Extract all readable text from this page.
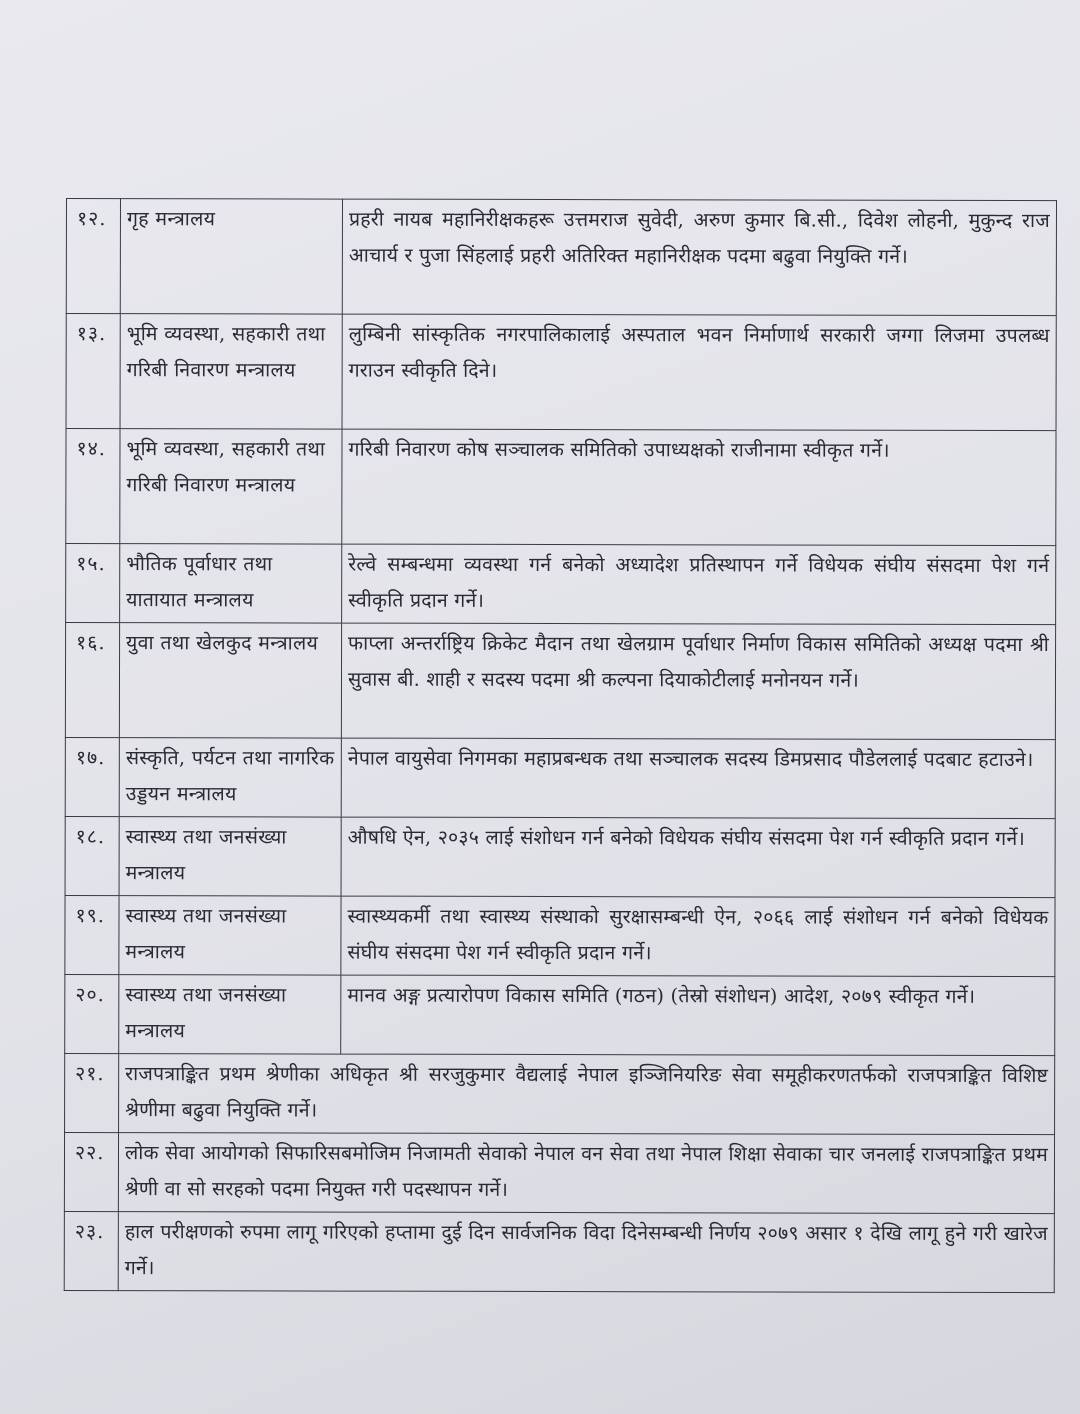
१२.	गृह मन्त्रालय	प्रहरी नायब महानिरीक्षकहरू उत्तमराज सुवेदी, अरुण कुमार बि.सी., दिवेश लोहनी, मुकुन्द राज आचार्य र पुजा सिंहलाई प्रहरी अतिरिक्त महानिरीक्षक पदमा बढुवा नियुक्ति गर्ने।
१३.	भूमि व्यवस्था, सहकारी तथा गरिबी निवारण मन्त्रालय	लुम्बिनी सांस्कृतिक नगरपालिकालाई अस्पताल भवन निर्माणार्थ सरकारी जग्गा लिजमा उपलब्ध गराउन स्वीकृति दिने।
१४.	भूमि व्यवस्था, सहकारी तथा गरिबी निवारण मन्त्रालय	गरिबी निवारण कोष सञ्चालक समितिको उपाध्यक्षको राजीनामा स्वीकृत गर्ने।
१५.	भौतिक पूर्वाधार तथा यातायात मन्त्रालय	रेल्वे सम्बन्धमा व्यवस्था गर्न बनेको अध्यादेश प्रतिस्थापन गर्ने विधेयक संघीय संसदमा पेश गर्न स्वीकृति प्रदान गर्ने।
१६.	युवा तथा खेलकुद मन्त्रालय	फाप्ला अन्तर्राष्ट्रिय क्रिकेट मैदान तथा खेलग्राम पूर्वाधार निर्माण विकास समितिको अध्यक्ष पदमा श्री सुवास बी. शाही र सदस्य पदमा श्री कल्पना दियाकोटीलाई मनोनयन गर्ने।
१७.	संस्कृति, पर्यटन तथा नागरिक उड्डयन मन्त्रालय	नेपाल वायुसेवा निगमका महाप्रबन्धक तथा सञ्चालक सदस्य डिमप्रसाद पौडेललाई पदबाट हटाउने।
१८.	स्वास्थ्य तथा जनसंख्या मन्त्रालय	औषधि ऐन, २०३५ लाई संशोधन गर्न बनेको विधेयक संघीय संसदमा पेश गर्न स्वीकृति प्रदान गर्ने।
१९.	स्वास्थ्य तथा जनसंख्या मन्त्रालय	स्वास्थ्यकर्मी तथा स्वास्थ्य संस्थाको सुरक्षासम्बन्धी ऐन, २०६६ लाई संशोधन गर्न बनेको विधेयक संघीय संसदमा पेश गर्न स्वीकृति प्रदान गर्ने।
२०.	स्वास्थ्य तथा जनसंख्या मन्त्रालय	मानव अङ्ग प्रत्यारोपण विकास समिति (गठन) (तेस्रो संशोधन) आदेश, २०७९ स्वीकृत गर्ने।
२१.	राजपत्राङ्कित प्रथम श्रेणीका अधिकृत श्री सरजुकुमार वैद्यलाई नेपाल इञ्जिनियरिङ सेवा समूहीकरणतर्फको राजपत्राङ्कित विशिष्ट श्रेणीमा बढुवा नियुक्ति गर्ने।	
२२.	लोक सेवा आयोगको सिफारिसबमोजिम निजामती सेवाको नेपाल वन सेवा तथा नेपाल शिक्षा सेवाका चार जनलाई राजपत्राङ्कित प्रथम श्रेणी वा सो सरहको पदमा नियुक्त गरी पदस्थापन गर्ने।	
२३.	हाल परीक्षणको रुपमा लागू गरिएको हप्तामा दुई दिन सार्वजनिक विदा दिनेसम्बन्धी निर्णय २०७९ असार १ देखि लागू हुने गरी खारेज गर्ने।	
